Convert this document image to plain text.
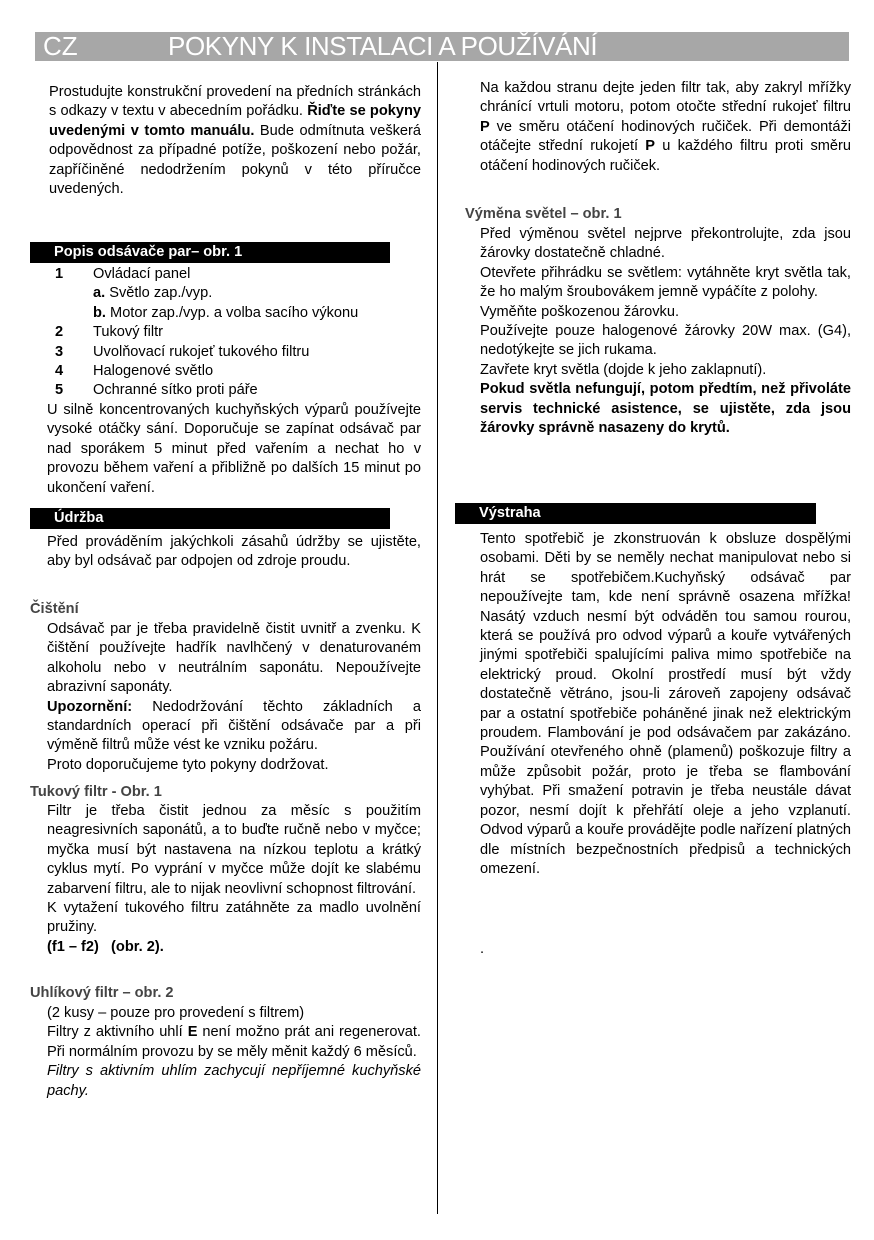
CZ	POKYNY K INSTALACI A POUŽÍVÁNÍ

Prostudujte konstrukční provedení na předních stránkách s odkazy v textu v abecedním pořádku. Řiďte se pokyny uvedenými v tomto manuálu. Bude odmítnuta veškerá odpovědnost za případné potíže, poškození nebo požár, zapříčiněné nedodržením pokynů v této příručce uvedených.

Popis odsávače par– obr. 1
1 Ovládací panel
a. Světlo zap./vyp.
b. Motor zap./vyp. a volba sacího výkonu
2 Tukový filtr
3 Uvolňovací rukojeť tukového filtru
4 Halogenové světlo
5 Ochranné sítko proti páře

U silně koncentrovaných kuchyňských výparů používejte vysoké otáčky sání. Doporučuje se zapínat odsávač par nad sporákem 5 minut před vařením a nechat ho v provozu během vaření a přibližně po dalších 15 minut po ukončení vaření.

Údržba

Před prováděním jakýchkoli zásahů údržby se ujistěte, aby byl odsávač par odpojen od zdroje proudu.

Čištění

Odsávač par je třeba pravidelně čistit uvnitř a zvenku. K čištění používejte hadřík navlhčený v denaturovaném alkoholu nebo v neutrálním saponátu. Nepoužívejte abrazivní saponáty.

Upozornění: Nedodržování těchto základních a standardních operací při čištění odsávače par a při výměně filtrů může vést ke vzniku požáru.

Proto doporučujeme tyto pokyny dodržovat.

Tukový filtr - Obr. 1

Filtr je třeba čistit jednou za měsíc s použitím neagresivních saponátů, a to buďte ručně nebo v myčce; myčka musí být nastavena na nízkou teplotu a krátký cyklus mytí. Po vyprání v myčce může dojít ke slabému zabarvení filtru, ale to nijak neovlivní schopnost filtrování.

K vytažení tukového filtru zatáhněte za madlo uvolnění pružiny.

(f1 – f2)   (obr. 2).

Uhlíkový filtr – obr. 2

(2 kusy – pouze pro provedení s filtrem)

Filtry z aktivního uhlí E není možno prát ani regenerovat. Při normálním provozu by se měly měnit každý 6 měsíců.

Filtry s aktivním uhlím zachycují nepříjemné kuchyňské pachy.

Na každou stranu dejte jeden filtr tak, aby zakryl mřížky chránící vrtuli motoru, potom otočte střední rukojeť filtru P ve směru otáčení hodinových ručiček. Při demontáži otáčejte střední rukojetí P u každého filtru proti směru otáčení hodinových ručiček.

Výměna světel – obr. 1

Před výměnou světel nejprve překontrolujte, zda jsou žárovky dostatečně chladné.

Otevřete přihrádku se světlem: vytáhněte kryt světla tak, že ho malým šroubovákem jemně vypáčíte z polohy.

Vyměňte poškozenou žárovku.

Používejte pouze halogenové žárovky 20W max. (G4), nedotýkejte se jich rukama.

Zavřete kryt světla (dojde k jeho zaklapnutí).

Pokud světla nefungují, potom předtím, než přivoláte servis technické asistence, se ujistěte, zda jsou žárovky správně nasazeny do krytů.

Výstraha

Tento spotřebič je zkonstruován k obsluze dospělými osobami. Děti by se neměly nechat manipulovat nebo si hrát se spotřebičem.Kuchyňský odsávač par nepoužívejte tam, kde není správně osazena mřížka! Nasátý vzduch nesmí být odváděn tou samou rourou, která se používá pro odvod výparů a kouře vytvářených jinými spotřebiči spalujícími paliva mimo spotřebiče na elektrický proud. Okolní prostředí musí být vždy dostatečně větráno, jsou-li zároveň zapojeny odsávač par a ostatní spotřebiče poháněné jinak než elektrickým proudem. Flambování je pod odsávačem par zakázáno. Používání otevřeného ohně (plamenů) poškozuje filtry a může způsobit požár, proto je třeba se flambování vyhýbat. Při smažení potravin je třeba neustále dávat pozor, nesmí dojít k přehřátí oleje a jeho vzplanutí. Odvod výparů a kouře provádějte podle nařízení platných dle místních bezpečnostních předpisů a technických omezení.

.
